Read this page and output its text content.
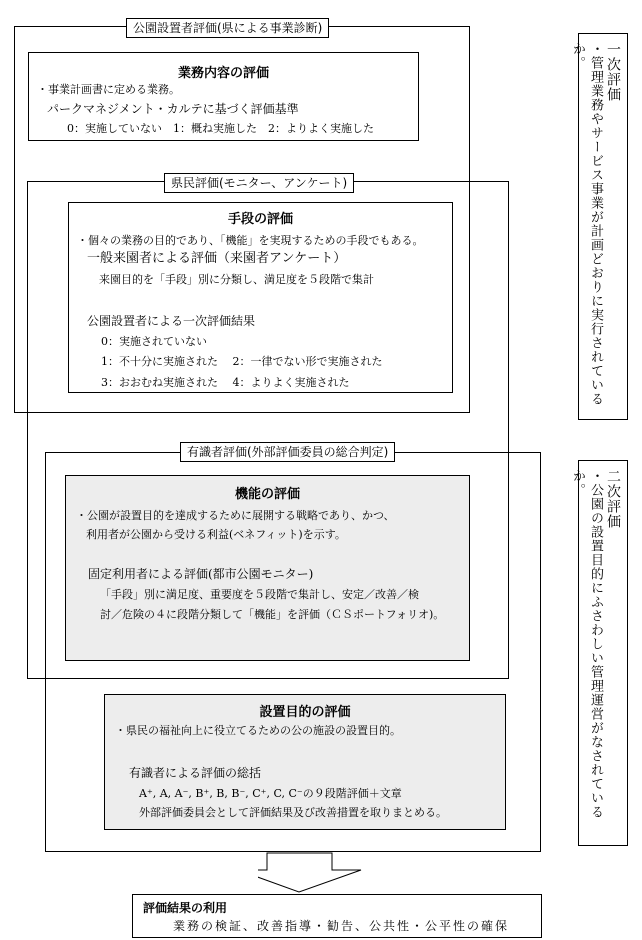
公園設置者評価(県による事業診断)
県民評価(モニター、アンケート)
有識者評価(外部評価委員の総合判定)
業務内容の評価
・事業計画書に定める業務。
パークマネジメント・カルテに基づく評価基準
0：実施していない　1：概ね実施した　2：よりよく実施した
手段の評価
・個々の業務の目的であり、「機能」を実現するための手段でもある。
一般来園者による評価（来園者アンケート）
来園目的を「手段」別に分類し、満足度を５段階で集計
公園設置者による一次評価結果
0：実施されていない
1：不十分に実施された　 2：一律でない形で実施された
3：おおむね実施された　 4：よりよく実施された
機能の評価
・公園が設置目的を達成するために展開する戦略であり、かつ、
利用者が公園から受ける利益(ベネフィット)を示す。
固定利用者による評価(都市公園モニター)
「手段」別に満足度、重要度を５段階で集計し、安定／改善／検
討／危険の４に段階分類して「機能」を評価（ＣＳポートフォリオ)。
設置目的の評価
・県民の福祉向上に役立てるための公の施設の設置目的。
有識者による評価の総括
A⁺, A, A⁻, B⁺, B, B⁻, C⁺, C, C⁻の９段階評価＋文章
外部評価委員会として評価結果及び改善措置を取りまとめる。
評価結果の利用
業務の検証、改善指導・勧告、公共性・公平性の確保
一次評価
・管理業務やサービス事業が計画どおりに実行されているか。
二次評価
・公園の設置目的にふさわしい管理運営がなされているか。
